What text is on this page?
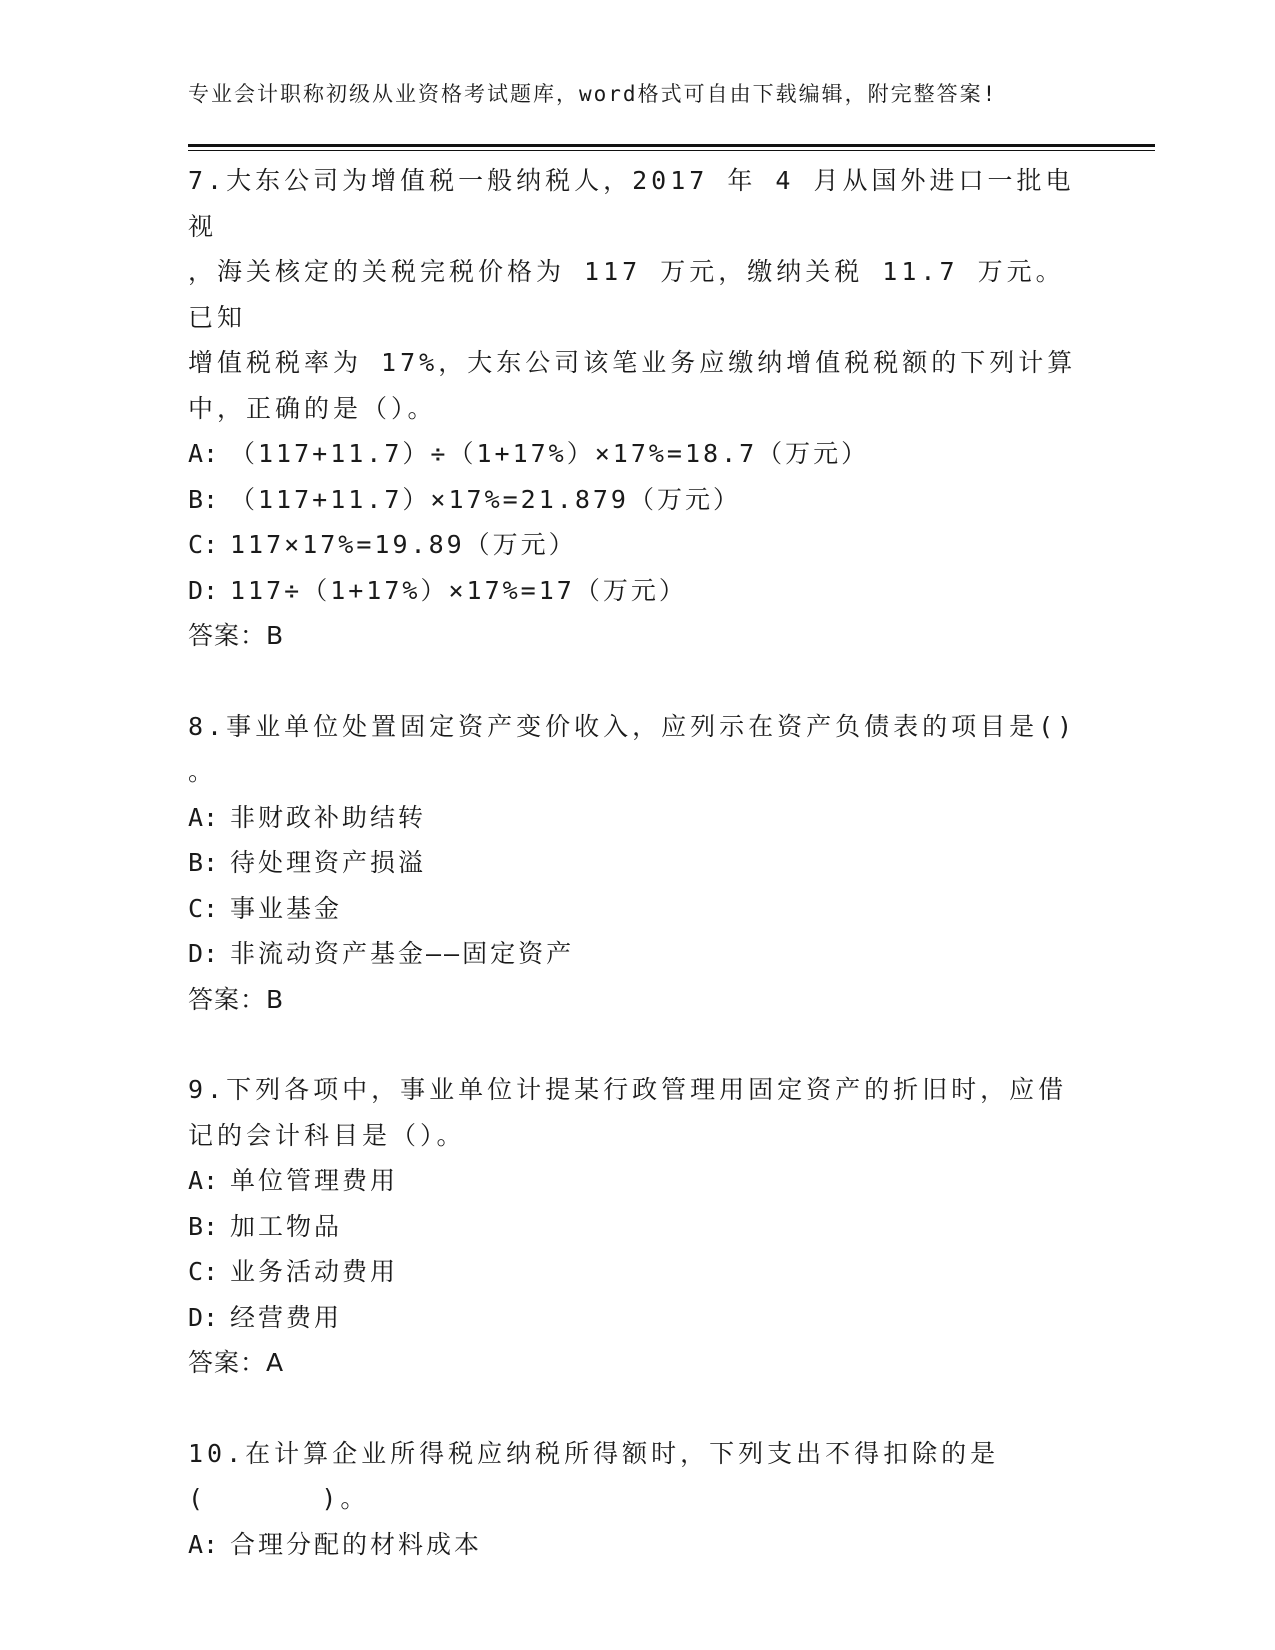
专业会计职称初级从业资格考试题库，word格式可自由下载编辑，附完整答案!
7.大东公司为增值税一般纳税人，2017 年 4 月从国外进口一批电视
，海关核定的关税完税价格为 117 万元，缴纳关税 11.7 万元。已知
增值税税率为 17%，大东公司该笔业务应缴纳增值税税额的下列计算
中，正确的是（）。
A: （117+11.7）÷（1+17%）×17%=18.7（万元）
B: （117+11.7）×17%=21.879（万元）
C: 117×17%=19.89（万元）
D: 117÷（1+17%）×17%=17（万元）
答案：B
8.事业单位处置固定资产变价收入，应列示在资产负债表的项目是()
。
A: 非财政补助结转
B: 待处理资产损溢
C: 事业基金
D: 非流动资产基金——固定资产
答案：B
9.下列各项中，事业单位计提某行政管理用固定资产的折旧时，应借
记的会计科目是（）。
A: 单位管理费用
B: 加工物品
C: 业务活动费用
D: 经营费用
答案：A
10.在计算企业所得税应纳税所得额时，下列支出不得扣除的是
(      )。
A: 合理分配的材料成本
